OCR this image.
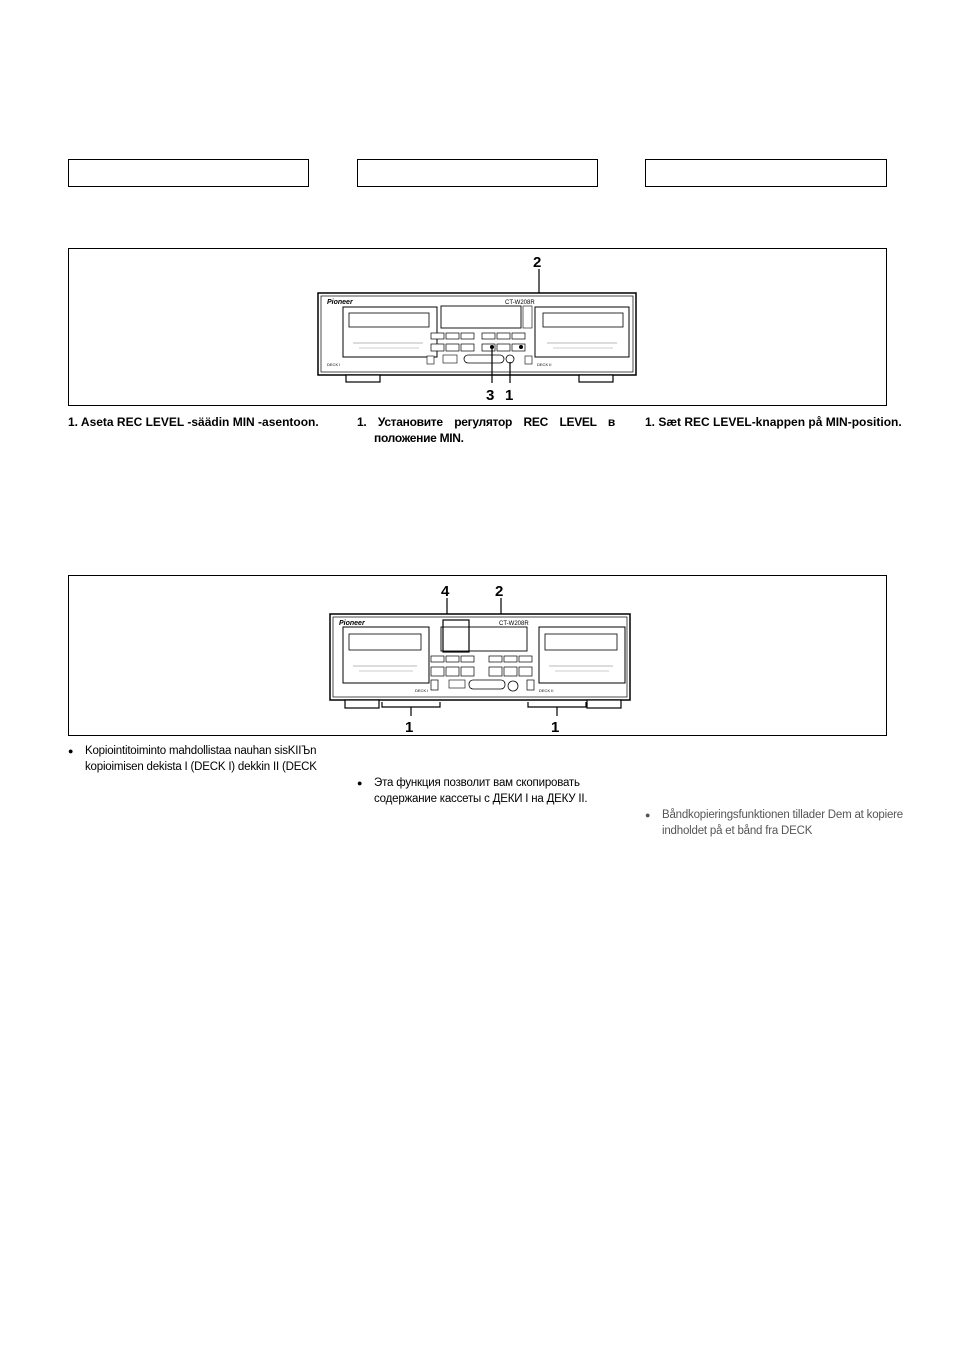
2
Pioneer	CT-W208R
DECK I	DECK II
3 1
1. Aseta REC LEVEL -säädin MIN -asentoon.	1. Установите регулятор REC LEVEL в положение MIN.
1. Sæt REC LEVEL-knappen på MIN-position.
4	2
Pioneer	CT-W208R
DECK I	DECK II
1	1
● Kopiointitoiminto mahdollistaa nauhan sisKIIЪn kopioimisen dekista I (DECK I) dekkin II (DECK
● Эта функция позволит вам скопировать содержание кассеты с ДЕКИ I на ДЕКУ II.
● Båndkopieringsfunktionen tillader Dem at kopiere indholdet på et bånd fra DECK
